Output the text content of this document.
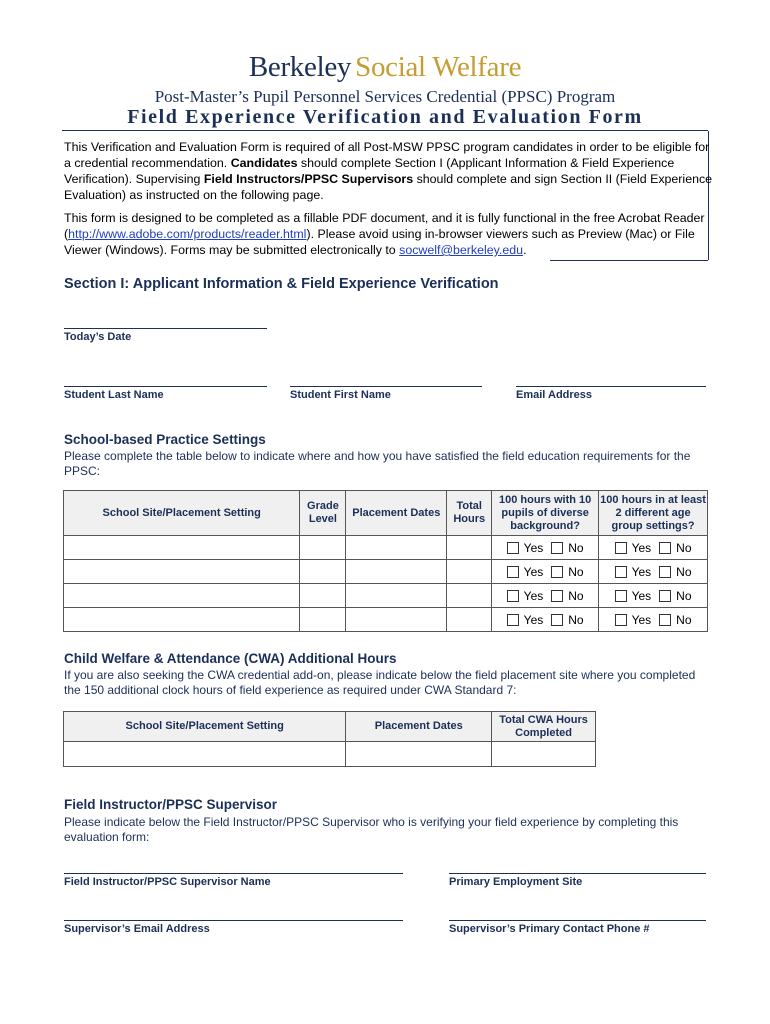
Berkeley Social Welfare
Post-Master’s Pupil Personnel Services Credential (PPSC) Program
Field Experience Verification and Evaluation Form

This Verification and Evaluation Form is required of all Post-MSW PPSC program candidates in order to be eligible for a credential recommendation. Candidates should complete Section I (Applicant Information & Field Experience Verification). Supervising Field Instructors/PPSC Supervisors should complete and sign Section II (Field Experience Evaluation) as instructed on the following page.

This form is designed to be completed as a fillable PDF document, and it is fully functional in the free Acrobat Reader (http://www.adobe.com/products/reader.html). Please avoid using in-browser viewers such as Preview (Mac) or File Viewer (Windows). Forms may be submitted electronically to socwelf@berkeley.edu.

Section I: Applicant Information & Field Experience Verification
Today’s Date
Student Last Name	Student First Name	Email Address
School-based Practice Settings
Please complete the table below to indicate where and how you have satisfied the field education requirements for the PPSC:
School Site/Placement Setting	Grade Level	Placement Dates	Total Hours	100 hours with 10 pupils of diverse background?	100 hours in at least 2 different age group settings?

				Yes No	Yes No

				Yes No	Yes No

				Yes No	Yes No

				Yes No	Yes No
Child Welfare & Attendance (CWA) Additional Hours
If you are also seeking the CWA credential add-on, please indicate below the field placement site where you completed the 150 additional clock hours of field experience as required under CWA Standard 7:
School Site/Placement Setting	Placement Dates	Total CWA Hours Completed

Field Instructor/PPSC Supervisor
Please indicate below the Field Instructor/PPSC Supervisor who is verifying your field experience by completing this evaluation form:
Field Instructor/PPSC Supervisor Name	Primary Employment Site
Supervisor’s Email Address	Supervisor’s Primary Contact Phone #
